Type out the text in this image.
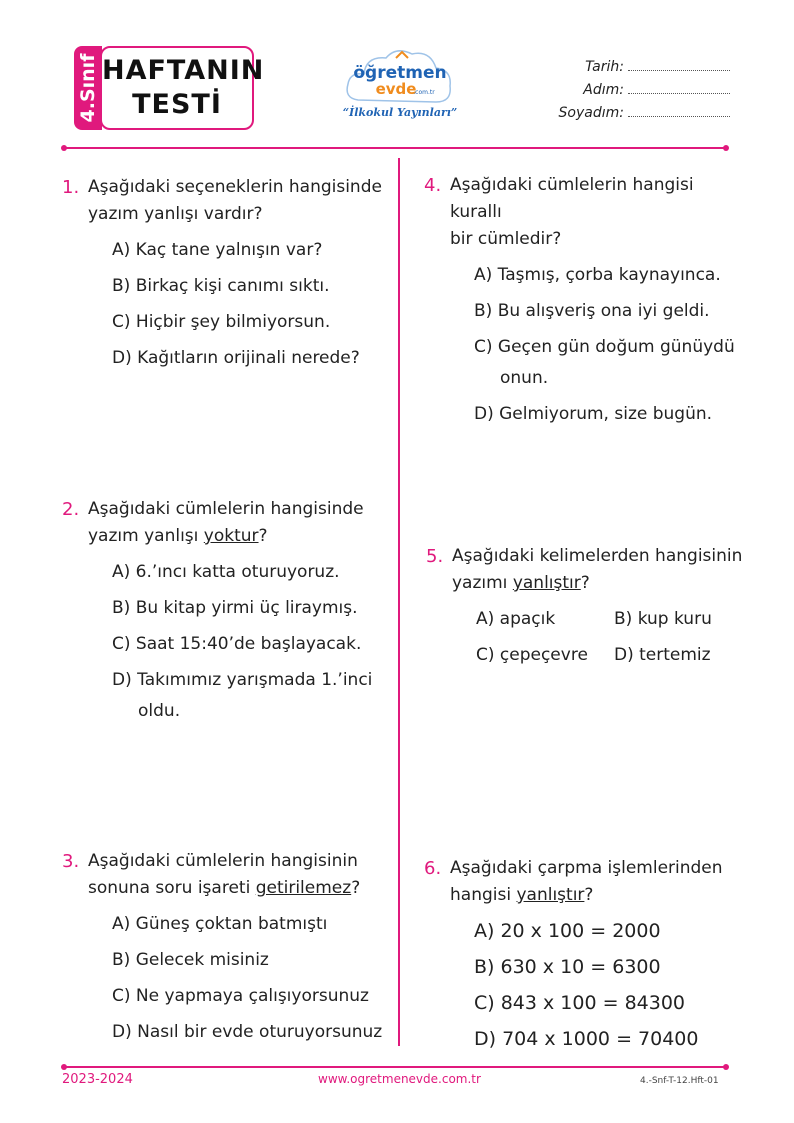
4.Sınıf HAFTANIN
TESTİ
öğretmen
evde
.com.tr
“İlkokul Yayınları”
Tarih:
Adım:
Soyadım:
1. Aşağıdaki seçeneklerin hangisinde
yazım yanlışı vardır?
A) Kaç tane yalnışın var?
B) Birkaç kişi canımı sıktı.
C) Hiçbir şey bilmiyorsun.
D) Kağıtların orijinali nerede?
2. Aşağıdaki cümlelerin hangisinde
yazım yanlışı yoktur?
A) 6.’ıncı katta oturuyoruz.
B) Bu kitap yirmi üç liraymış.
C) Saat 15:40’de başlayacak.
D) Takımımız yarışmada 1.’inci
oldu.
3. Aşağıdaki cümlelerin hangisinin
sonuna soru işareti getirilemez?
A) Güneş çoktan batmıştı
B) Gelecek misiniz
C) Ne yapmaya çalışıyorsunuz
D) Nasıl bir evde oturuyorsunuz
4. Aşağıdaki cümlelerin hangisi kurallı
bir cümledir?
A) Taşmış, çorba kaynayınca.
B) Bu alışveriş ona iyi geldi.
C) Geçen gün doğum günüydü
onun.
D) Gelmiyorum, size bugün.
5. Aşağıdaki kelimelerden hangisinin
yazımı yanlıştır?
A) apaçık	B) kup kuru
C) çepeçevre	D) tertemiz
6. Aşağıdaki çarpma işlemlerinden
hangisi yanlıştır?
A) 20 x 100 = 2000
B) 630 x 10 = 6300
C) 843 x 100 = 84300
D) 704 x 1000 = 70400
2023-2024	www.ogretmenevde.com.tr	4.-Snf-T-12.Hft-01
